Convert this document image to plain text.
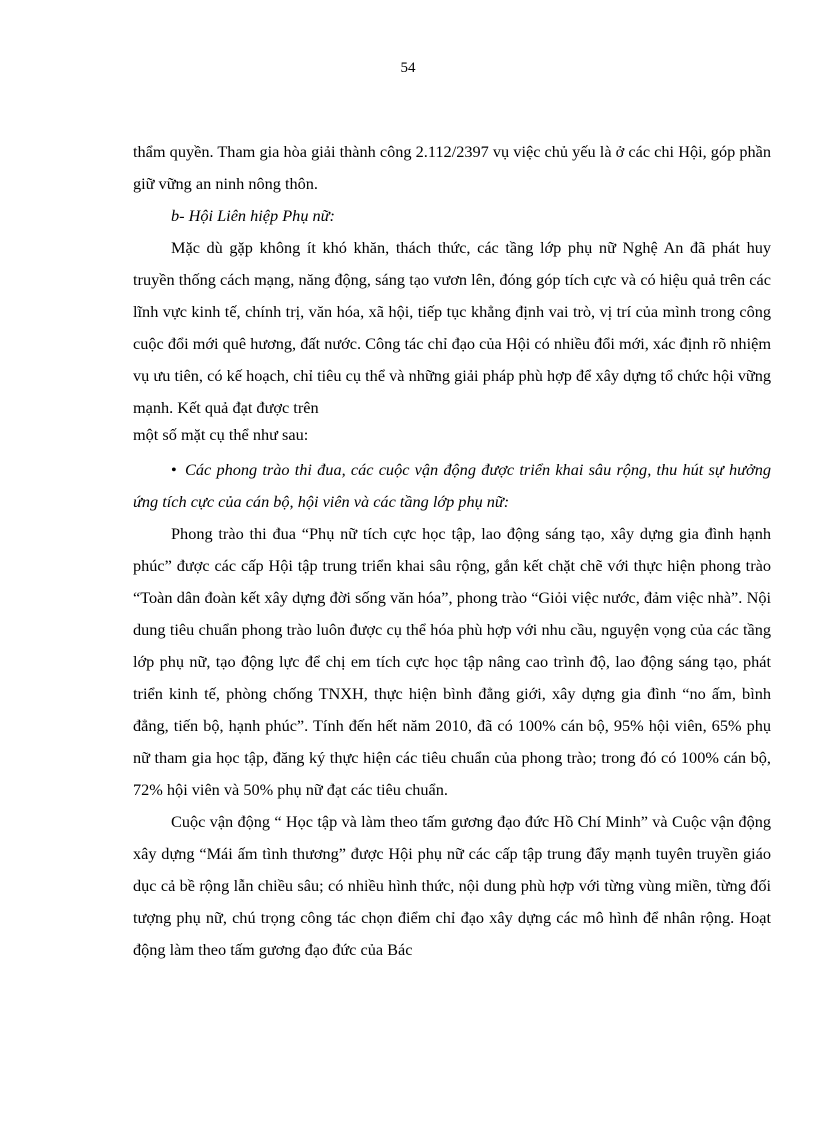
54

thẩm quyền. Tham gia hòa giải thành công 2.112/2397 vụ việc chủ yếu là ở các chi Hội, góp phần giữ vững an ninh nông thôn.

b- Hội Liên hiệp Phụ nữ:

Mặc dù gặp không ít khó khăn, thách thức, các tầng lớp phụ nữ Nghệ An đã phát huy truyền thống cách mạng, năng động, sáng tạo vươn lên, đóng góp tích cực và có hiệu quả trên các lĩnh vực kinh tế, chính trị, văn hóa, xã hội, tiếp tục khẳng định vai trò, vị trí của mình trong công cuộc đổi mới quê hương, đất nước. Công tác chỉ đạo của Hội có nhiều đổi mới, xác định rõ nhiệm vụ ưu tiên, có kế hoạch, chỉ tiêu cụ thể và những giải pháp phù hợp để xây dựng tổ chức hội vững mạnh. Kết quả đạt được trên

một số mặt cụ thể như sau:

• Các phong trào thi đua, các cuộc vận động được triển khai sâu rộng, thu hút sự hưởng ứng tích cực của cán bộ, hội viên và các tầng lớp phụ nữ:

Phong trào thi đua “Phụ nữ tích cực học tập, lao động sáng tạo, xây dựng gia đình hạnh phúc” được các cấp Hội tập trung triển khai sâu rộng, gắn kết chặt chẽ với thực hiện phong trào “Toàn dân đoàn kết xây dựng đời sống văn hóa”, phong trào “Giỏi việc nước, đảm việc nhà”. Nội dung tiêu chuẩn phong trào luôn được cụ thể hóa phù hợp với nhu cầu, nguyện vọng của các tầng lớp phụ nữ, tạo động lực để chị em tích cực học tập nâng cao trình độ, lao động sáng tạo, phát triển kinh tế, phòng chống TNXH, thực hiện bình đẳng giới, xây dựng gia đình “no ấm, bình đẳng, tiến bộ, hạnh phúc”. Tính đến hết năm 2010, đã có 100% cán bộ, 95% hội viên, 65% phụ nữ tham gia học tập, đăng ký thực hiện các tiêu chuẩn của phong trào; trong đó có 100% cán bộ, 72% hội viên và 50% phụ nữ đạt các tiêu chuẩn.

Cuộc vận động “ Học tập và làm theo tấm gương đạo đức Hồ Chí Minh” và Cuộc vận động xây dựng “Mái ấm tình thương” được Hội phụ nữ các cấp tập trung đẩy mạnh tuyên truyền giáo dục cả bề rộng lẫn chiều sâu; có nhiều hình thức, nội dung phù hợp với từng vùng miền, từng đối tượng phụ nữ, chú trọng công tác chọn điểm chỉ đạo xây dựng các mô hình để nhân rộng. Hoạt động làm theo tấm gương đạo đức của Bác
